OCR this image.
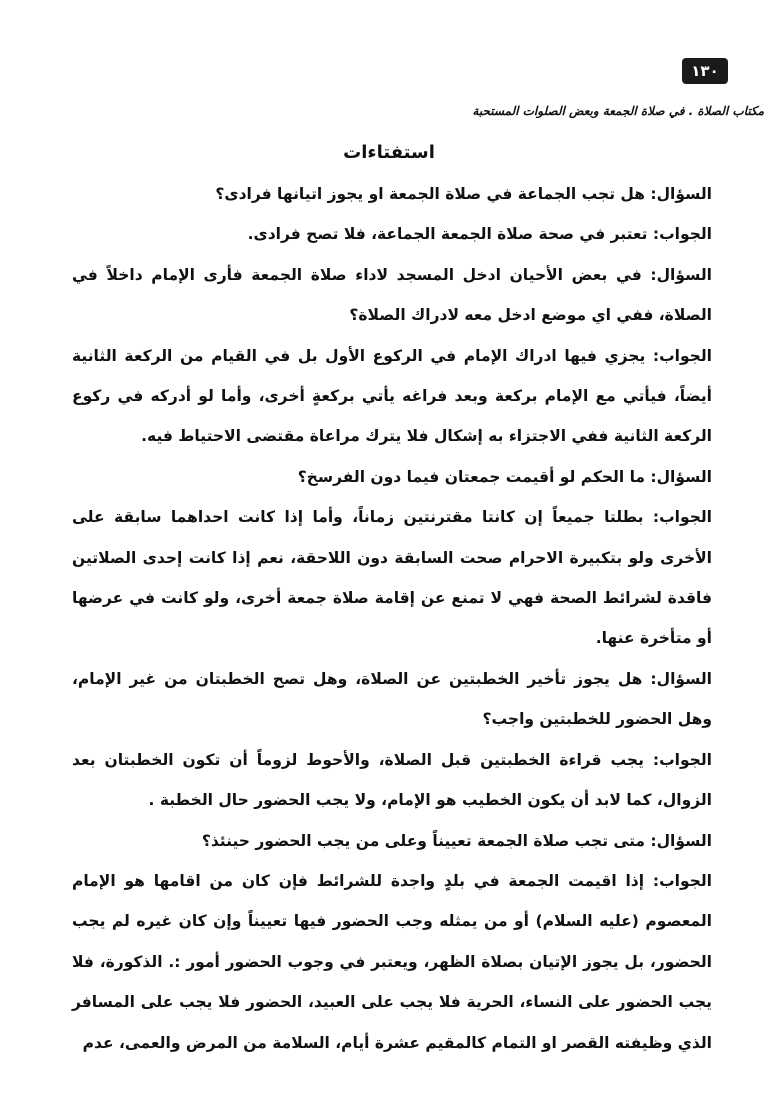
١٣٠
مكتاب الصلاة . في صلاة الجمعة وبعض الصلوات المستحبة
استفتاءات

السؤال: هل تجب الجماعة في صلاة الجمعة او يجوز اتيانها فرادى؟

الجواب: تعتبر في صحة صلاة الجمعة الجماعة، فلا تصح فرادى.

السؤال: في بعض الأحيان ادخل المسجد لاداء صلاة الجمعة فأرى الإمام داخلاً في الصلاة، ففي اي موضع ادخل معه لادراك الصلاة؟

الجواب: يجزي فيها ادراك الإمام في الركوع الأول بل في القيام من الركعة الثانية أيضاً، فيأتي مع الإمام بركعة وبعد فراغه يأتي بركعةٍ أخرى، وأما لو أدركه في ركوع الركعة الثانية ففي الاجتزاء به إشكال فلا يترك مراعاة مقتضى الاحتياط فيه.

السؤال: ما الحكم لو أقيمت جمعتان فيما دون الفرسخ؟

الجواب: بطلتا جميعاً إن كانتا مقترنتين زماناً، وأما إذا كانت احداهما سابقة على الأخرى ولو بتكبيرة الاحرام صحت السابقة دون اللاحقة، نعم إذا كانت إحدى الصلاتين فاقدة لشرائط الصحة فهي لا تمنع عن إقامة صلاة جمعة أخرى، ولو كانت في عرضها أو متأخرة عنها.

السؤال: هل يجوز تأخير الخطبتين عن الصلاة، وهل تصح الخطبتان من غير الإمام، وهل الحضور للخطبتين واجب؟

الجواب: يجب قراءة الخطبتين قبل الصلاة، والأحوط لزوماً أن تكون الخطبتان بعد الزوال، كما لابد أن يكون الخطيب هو الإمام، ولا يجب الحضور حال الخطبة .

السؤال: متى تجب صلاة الجمعة تعييناً وعلى من يجب الحضور حينئذ؟

الجواب: إذا اقيمت الجمعة في بلدٍ واجدة للشرائط فإن كان من اقامها هو الإمام المعصوم (عليه السلام) أو من يمثله وجب الحضور فيها تعييناً وإن كان غيره لم يجب الحضور، بل يجوز الإتيان بصلاة الظهر، ويعتبر في وجوب الحضور أمور :. الذكورة، فلا يجب الحضور على النساء، الحرية فلا يجب على العبيد، الحضور فلا يجب على المسافر الذي وظيفته القصر او التمام كالمقيم عشرة أيام، السلامة من المرض والعمى، عدم
